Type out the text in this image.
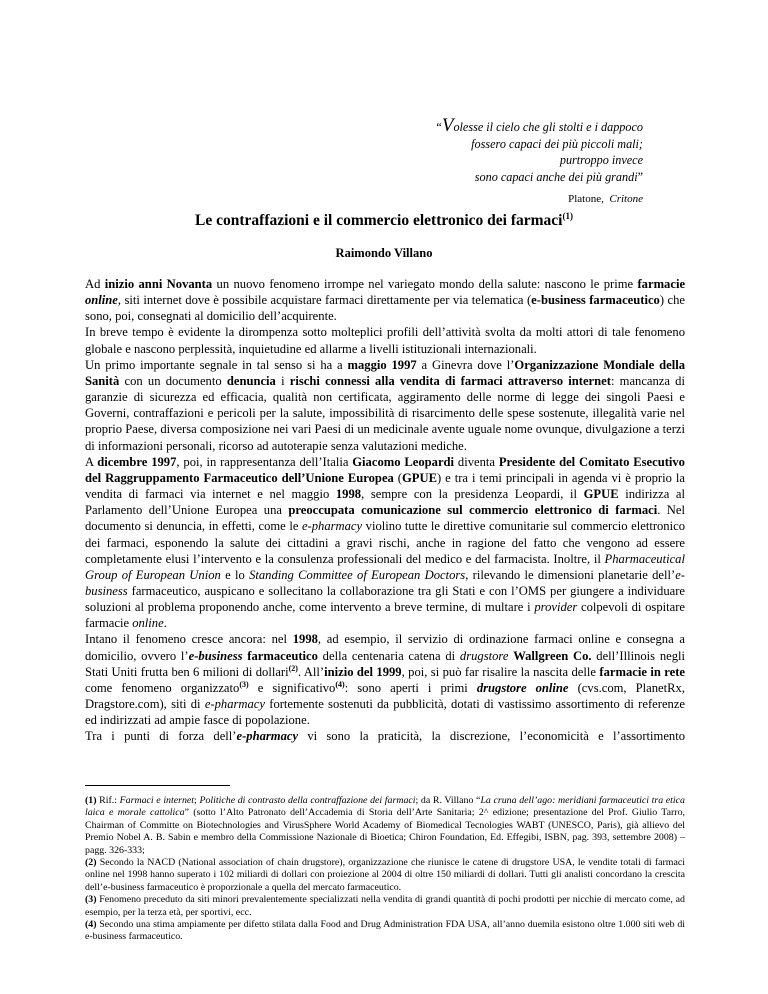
“Volesse il cielo che gli stolti e i dappoco
fossero capaci dei più piccoli mali;
purtroppo invece
sono capaci anche dei più grandi”
Platone, Critone
Le contraffazioni e il commercio elettronico dei farmaci$^{(1)}$
Raimondo Villano

Ad inizio anni Novanta un nuovo fenomeno irrompe nel variegato mondo della salute: nascono le prime farmacie online, siti internet dove è possibile acquistare farmaci direttamente per via telematica (e-business farmaceutico) che sono, poi, consegnati al domicilio dell’acquirente.

In breve tempo è evidente la dirompenza sotto molteplici profili dell’attività svolta da molti attori di tale fenomeno globale e nascono perplessità, inquietudine ed allarme a livelli istituzionali internazionali.

Un primo importante segnale in tal senso si ha a maggio 1997 a Ginevra dove l’Organizzazione Mondiale della Sanità con un documento denuncia i rischi connessi alla vendita di farmaci attraverso internet: mancanza di garanzie di sicurezza ed efficacia, qualità non certificata, aggiramento delle norme di legge dei singoli Paesi e Governi, contraffazioni e pericoli per la salute, impossibilità di risarcimento delle spese sostenute, illegalità varie nel proprio Paese, diversa composizione nei vari Paesi di un medicinale avente uguale nome ovunque, divulgazione a terzi di informazioni personali, ricorso ad autoterapie senza valutazioni mediche.

A dicembre 1997, poi, in rappresentanza dell’Italia Giacomo Leopardi diventa Presidente del Comitato Esecutivo del Raggruppamento Farmaceutico dell’Unione Europea (GPUE) e tra i temi principali in agenda vi è proprio la vendita di farmaci via internet e nel maggio 1998, sempre con la presidenza Leopardi, il GPUE indirizza al Parlamento dell’Unione Europea una preoccupata comunicazione sul commercio elettronico di farmaci. Nel documento si denuncia, in effetti, come le e-pharmacy violino tutte le direttive comunitarie sul commercio elettronico dei farmaci, esponendo la salute dei cittadini a gravi rischi, anche in ragione del fatto che vengono ad essere completamente elusi l’intervento e la consulenza professionali del medico e del farmacista. Inoltre, il Pharmaceutical Group of European Union e lo Standing Committee of European Doctors, rilevando le dimensioni planetarie dell’e-business farmaceutico, auspicano e sollecitano la collaborazione tra gli Stati e con l’OMS per giungere a individuare soluzioni al problema proponendo anche, come intervento a breve termine, di multare i provider colpevoli di ospitare farmacie online.

Intano il fenomeno cresce ancora: nel 1998, ad esempio, il servizio di ordinazione farmaci online e consegna a domicilio, ovvero l’e-business farmaceutico della centenaria catena di drugstore Wallgreen Co. dell’Illinois negli Stati Uniti frutta ben 6 milioni di dollari$^{(2)}$. All’inizio del 1999, poi, si può far risalire la nascita delle farmacie in rete come fenomeno organizzato$^{(3)}$ e significativo$^{(4)}$: sono aperti i primi drugstore online (cvs.com, PlanetRx, Dragstore.com), siti di e-pharmacy fortemente sostenuti da pubblicità, dotati di vastissimo assortimento di referenze ed indirizzati ad ampie fasce di popolazione.

Tra i punti di forza dell’e-pharmacy vi sono la praticità, la discrezione, l’economicità e l’assortimento

(1) Rif.: Farmaci e internet; Politiche di contrasto della contraffazione dei farmaci; da R. Villano “La cruna dell’ago: meridiani farmaceutici tra etica laica e morale cattolica” (sotto l’Alto Patronato dell’Accademia di Storia dell’Arte Sanitaria; 2^ edizione; presentazione del Prof. Giulio Tarro, Chairman of Committe on Biotechnologies and VirusSphere World Academy of Biomedical Tecnologies WABT (UNESCO, Paris), già allievo del Premio Nobel A. B. Sabin e membro della Commissione Nazionale di Bioetica; Chiron Foundation, Ed. Effegibi, ISBN, pag. 393, settembre 2008) – pagg. 326-333;

(2) Secondo la NACD (National association of chain drugstore), organizzazione che riunisce le catene di drugstore USA, le vendite totali di farmaci online nel 1998 hanno superato i 102 miliardi di dollari con proiezione al 2004 di oltre 150 miliardi di dollari. Tutti gli analisti concordano la crescita dell’e-business farmaceutico è proporzionale a quella del mercato farmaceutico.

(3) Fenomeno preceduto da siti minori prevalentemente specializzati nella vendita di grandi quantità di pochi prodotti per nicchie di mercato come, ad esempio, per la terza età, per sportivi, ecc.

(4) Secondo una stima ampiamente per difetto stilata dalla Food and Drug Administration FDA USA, all’anno duemila esistono oltre 1.000 siti web di e-business farmaceutico.
